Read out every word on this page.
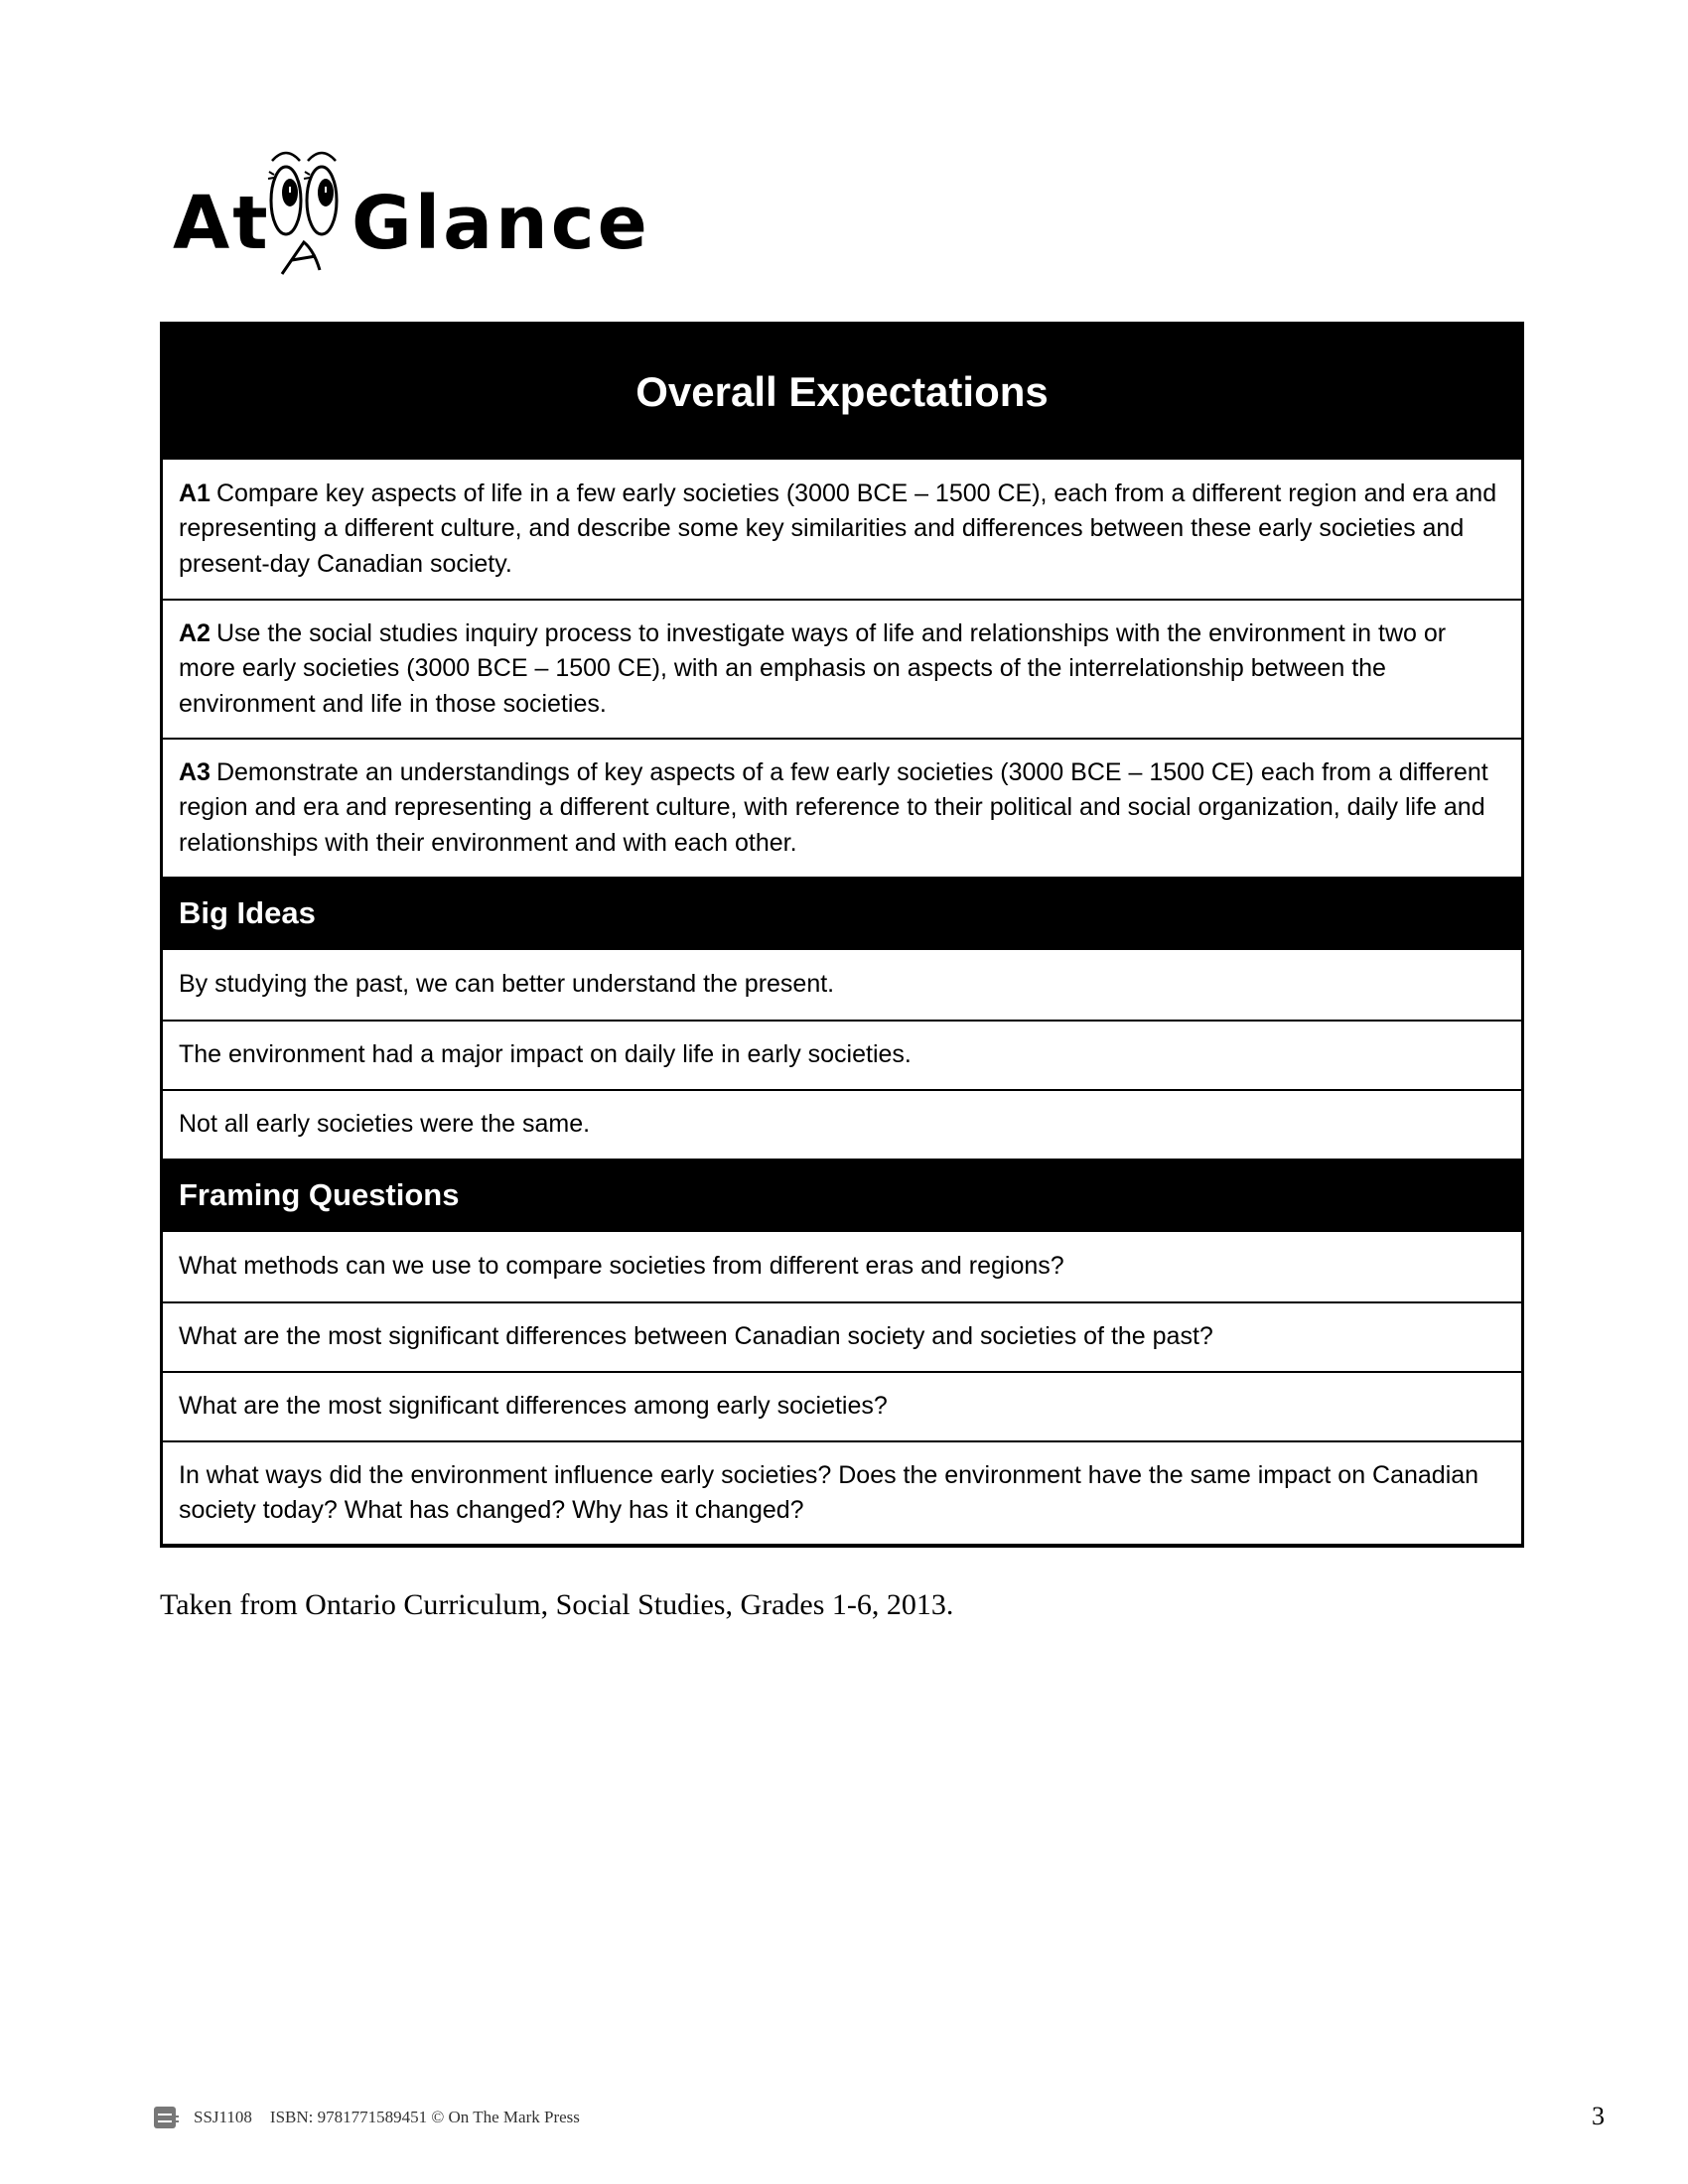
At Glance
Overall Expectations
A1 Compare key aspects of life in a few early societies (3000 BCE – 1500 CE), each from a different region and era and representing a different culture, and describe some key similarities and differences between these early societies and present-day Canadian society.
A2 Use the social studies inquiry process to investigate ways of life and relationships with the environment in two or more early societies (3000 BCE – 1500 CE), with an emphasis on aspects of the interrelationship between the environment and life in those societies.
A3 Demonstrate an understandings of key aspects of a few early societies (3000 BCE – 1500 CE) each from a different region and era and representing a different culture, with reference to their political and social organization, daily life and relationships with their environment and with each other.
Big Ideas
By studying the past, we can better understand the present.
The environment had a major impact on daily life in early societies.
Not all early societies were the same.
Framing Questions
What methods can we use to compare societies from different eras and regions?
What are the most significant differences between Canadian society and societies of the past?
What are the most significant differences among early societies?
In what ways did the environment influence early societies? Does the environment have the same impact on Canadian society today? What has changed? Why has it changed?
Taken from Ontario Curriculum, Social Studies, Grades 1-6, 2013.
SSJ1108 ISBN: 9781771589451 © On The Mark Press	3
